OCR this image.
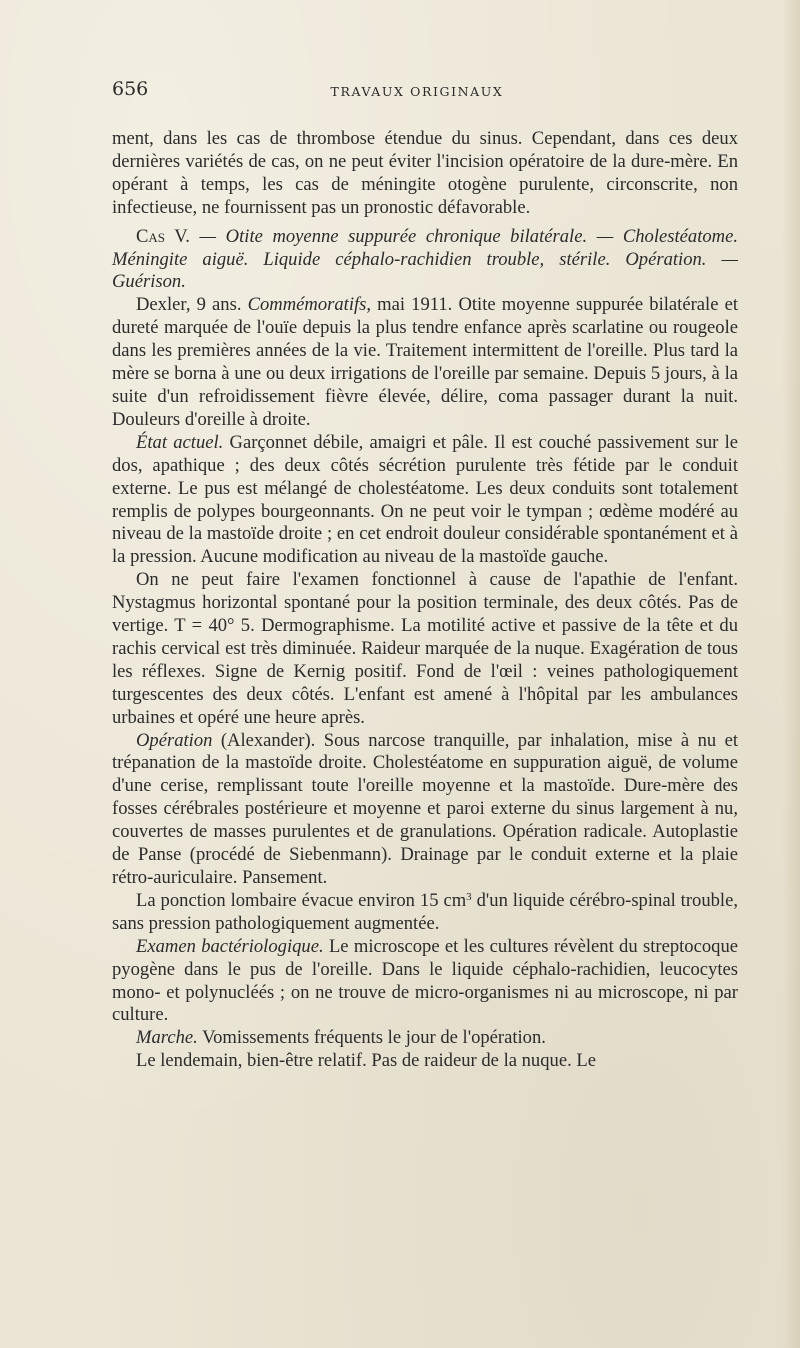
656	TRAVAUX ORIGINAUX

ment, dans les cas de thrombose étendue du sinus. Cependant, dans ces deux dernières variétés de cas, on ne peut éviter l'incision opératoire de la dure-mère. En opérant à temps, les cas de méningite otogène purulente, circonscrite, non infectieuse, ne fournissent pas un pronostic défavorable.

Cas V. — Otite moyenne suppurée chronique bilatérale. — Cholestéatome. Méningite aiguë. Liquide céphalo-rachidien trouble, stérile. Opération. — Guérison.

Dexler, 9 ans. Commémoratifs, mai 1911. Otite moyenne suppurée bilatérale et dureté marquée de l'ouïe depuis la plus tendre enfance après scarlatine ou rougeole dans les premières années de la vie. Traitement intermittent de l'oreille. Plus tard la mère se borna à une ou deux irrigations de l'oreille par semaine. Depuis 5 jours, à la suite d'un refroidissement fièvre élevée, délire, coma passager durant la nuit. Douleurs d'oreille à droite.

État actuel. Garçonnet débile, amaigri et pâle. Il est couché passivement sur le dos, apathique ; des deux côtés sécrétion purulente très fétide par le conduit externe. Le pus est mélangé de cholestéatome. Les deux conduits sont totalement remplis de polypes bourgeonnants. On ne peut voir le tympan ; œdème modéré au niveau de la mastoïde droite ; en cet endroit douleur considérable spontanément et à la pression. Aucune modification au niveau de la mastoïde gauche.

On ne peut faire l'examen fonctionnel à cause de l'apathie de l'enfant. Nystagmus horizontal spontané pour la position terminale, des deux côtés. Pas de vertige. T = 40° 5. Dermographisme. La motilité active et passive de la tête et du rachis cervical est très diminuée. Raideur marquée de la nuque. Exagération de tous les réflexes. Signe de Kernig positif. Fond de l'œil : veines pathologiquement turgescentes des deux côtés. L'enfant est amené à l'hôpital par les ambulances urbaines et opéré une heure après.

Opération (Alexander). Sous narcose tranquille, par inhalation, mise à nu et trépanation de la mastoïde droite. Cholestéatome en suppuration aiguë, de volume d'une cerise, remplissant toute l'oreille moyenne et la mastoïde. Dure-mère des fosses cérébrales postérieure et moyenne et paroi externe du sinus largement à nu, couvertes de masses purulentes et de granulations. Opération radicale. Autoplastie de Panse (procédé de Siebenmann). Drainage par le conduit externe et la plaie rétro-auriculaire. Pansement.

La ponction lombaire évacue environ 15 $cm^3$ d'un liquide cérébro-spinal trouble, sans pression pathologiquement augmentée.

Examen bactériologique. Le microscope et les cultures révèlent du streptocoque pyogène dans le pus de l'oreille. Dans le liquide céphalo-rachidien, leucocytes mono- et polynucléés ; on ne trouve de micro-organismes ni au microscope, ni par culture.

Marche. Vomissements fréquents le jour de l'opération.

Le lendemain, bien-être relatif. Pas de raideur de la nuque. Le
